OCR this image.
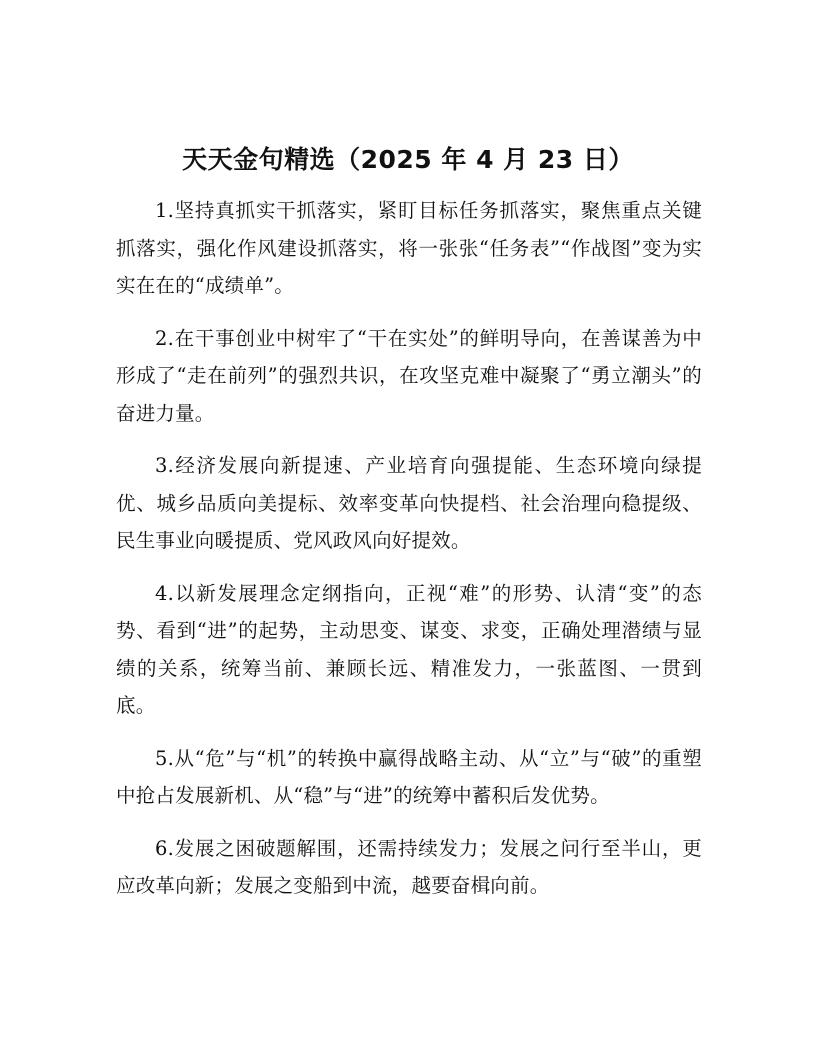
天天金句精选（2025 年 4 月 23 日）

1.坚持真抓实干抓落实，紧盯目标任务抓落实，聚焦重点关键抓落实，强化作风建设抓落实，将一张张“任务表”“作战图”变为实实在在的“成绩单”。

2.在干事创业中树牢了“干在实处”的鲜明导向，在善谋善为中形成了“走在前列”的强烈共识，在攻坚克难中凝聚了“勇立潮头”的奋进力量。

3.经济发展向新提速、产业培育向强提能、生态环境向绿提优、城乡品质向美提标、效率变革向快提档、社会治理向稳提级、民生事业向暖提质、党风政风向好提效。

4.以新发展理念定纲指向，正视“难”的形势、认清“变”的态势、看到“进”的起势，主动思变、谋变、求变，正确处理潜绩与显绩的关系，统筹当前、兼顾长远、精准发力，一张蓝图、一贯到底。

5.从“危”与“机”的转换中赢得战略主动、从“立”与“破”的重塑中抢占发展新机、从“稳”与“进”的统筹中蓄积后发优势。

6.发展之困破题解围，还需持续发力；发展之问行至半山，更应改革向新；发展之变船到中流，越要奋楫向前。
